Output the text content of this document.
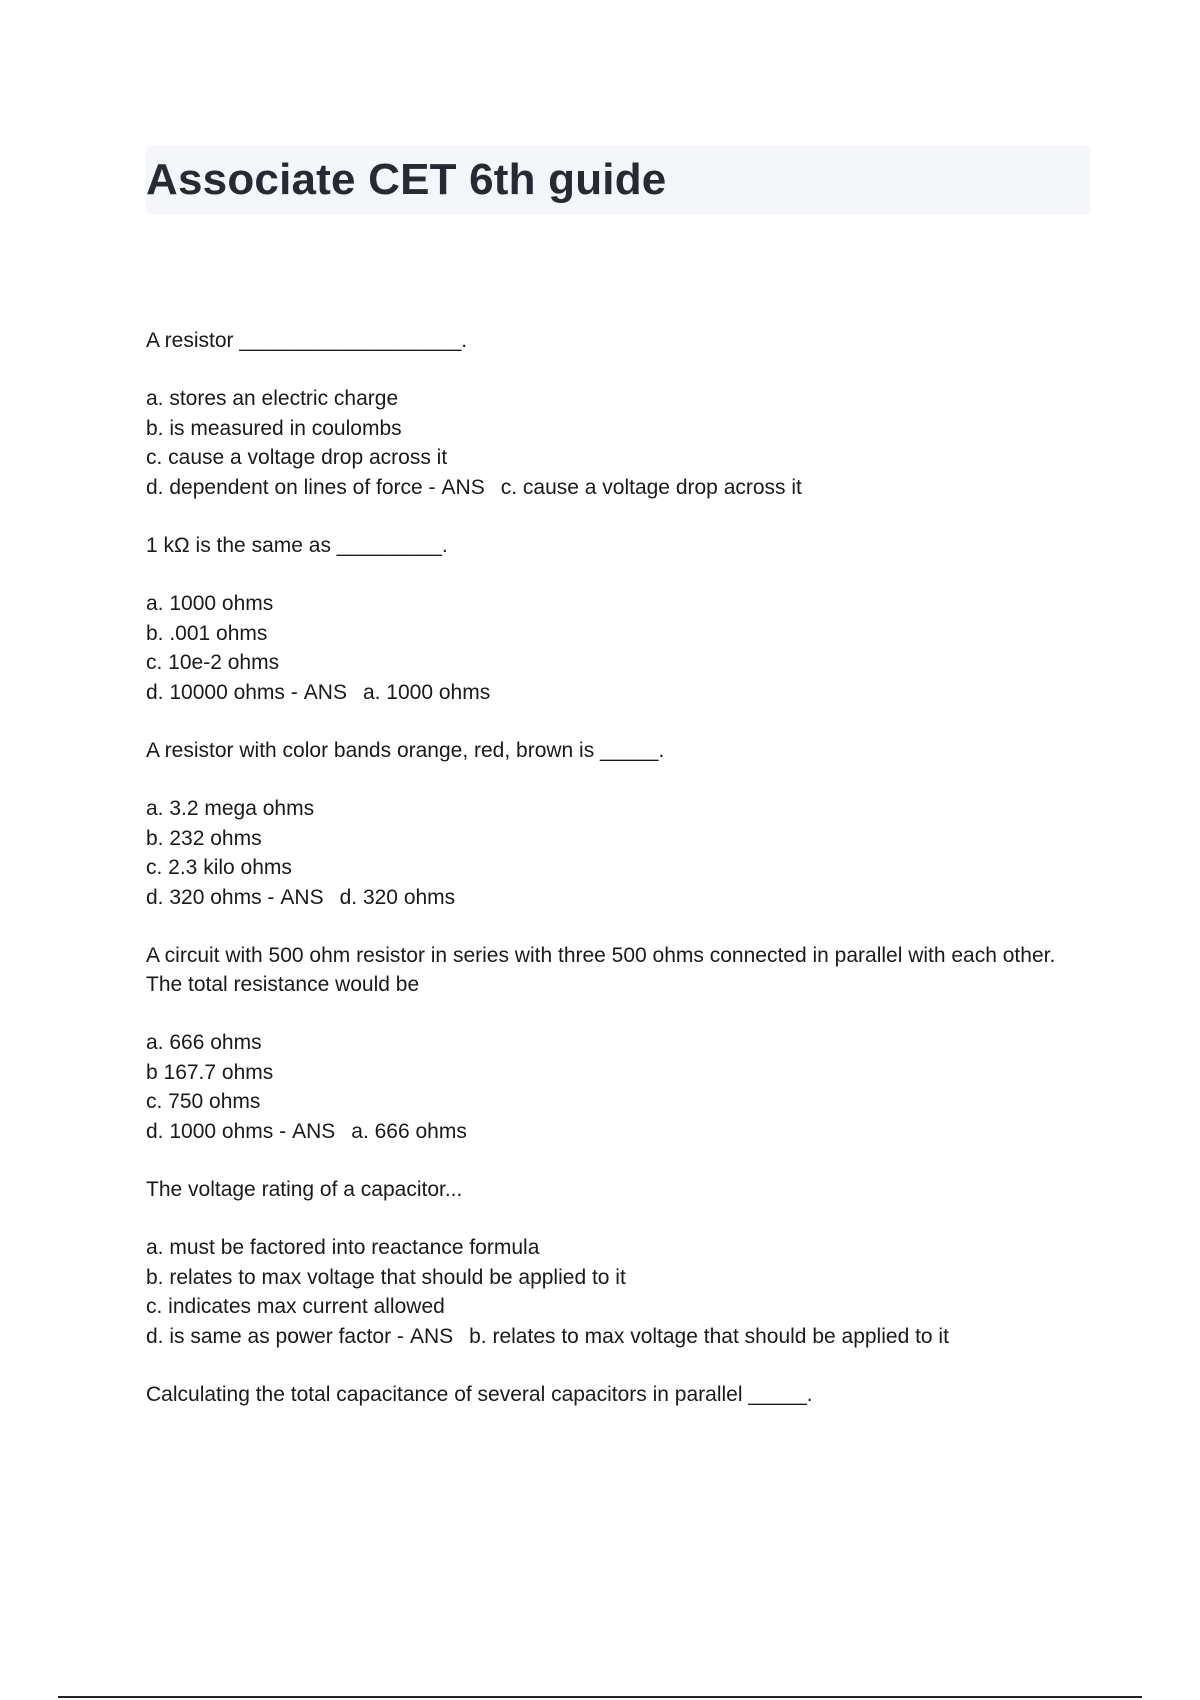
Associate CET 6th guide

A resistor ___________________.

a. stores an electric charge
b. is measured in coulombs
c. cause a voltage drop across it
d. dependent on lines of force - ANS c. cause a voltage drop across it

1 kΩ is the same as _________.

a. 1000 ohms
b. .001 ohms
c. 10e-2 ohms
d. 10000 ohms - ANS a. 1000 ohms

A resistor with color bands orange, red, brown is _____.

a. 3.2 mega ohms
b. 232 ohms
c. 2.3 kilo ohms
d. 320 ohms - ANS d. 320 ohms

A circuit with 500 ohm resistor in series with three 500 ohms connected in parallel with each other. The total resistance would be

a. 666 ohms
b 167.7 ohms
c. 750 ohms
d. 1000 ohms - ANS a. 666 ohms

The voltage rating of a capacitor...

a. must be factored into reactance formula
b. relates to max voltage that should be applied to it
c. indicates max current allowed
d. is same as power factor - ANS b. relates to max voltage that should be applied to it

Calculating the total capacitance of several capacitors in parallel _____.
